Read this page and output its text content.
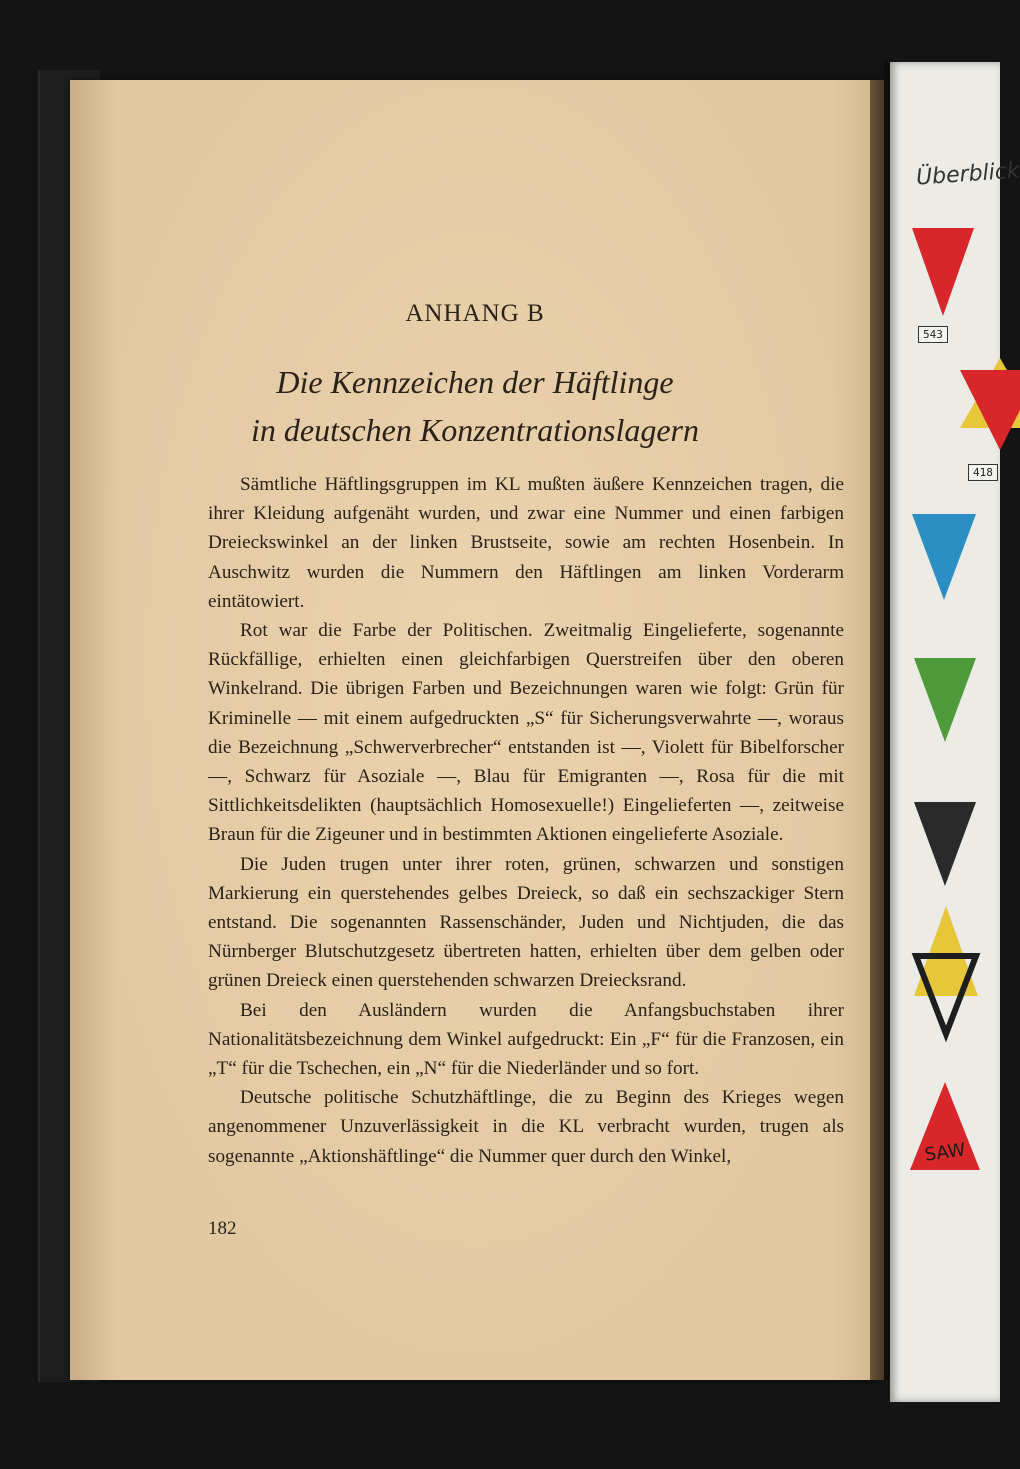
ANHANG B
Die Kennzeichen der Häftlinge
in deutschen Konzentrationslagern

Sämtliche Häftlingsgruppen im KL mußten äußere Kennzeichen tragen, die ihrer Kleidung aufgenäht wurden, und zwar eine Nummer und einen farbigen Dreieckswinkel an der linken Brustseite, sowie am rechten Hosenbein. In Auschwitz wurden die Nummern den Häftlingen am linken Vorderarm eintätowiert.

Rot war die Farbe der Politischen. Zweitmalig Eingelieferte, sogenannte Rückfällige, erhielten einen gleichfarbigen Querstreifen über den oberen Winkelrand. Die übrigen Farben und Bezeichnungen waren wie folgt: Grün für Kriminelle — mit einem aufgedruckten „S“ für Sicherungsverwahrte —, woraus die Bezeichnung „Schwerverbrecher“ entstanden ist —, Violett für Bibelforscher —, Schwarz für Asoziale —, Blau für Emigranten —, Rosa für die mit Sittlichkeitsdelikten (hauptsächlich Homosexuelle!) Eingelieferten —, zeitweise Braun für die Zigeuner und in bestimmten Aktionen eingelieferte Asoziale.

Die Juden trugen unter ihrer roten, grünen, schwarzen und sonstigen Markierung ein querstehendes gelbes Dreieck, so daß ein sechszackiger Stern entstand. Die sogenannten Rassenschänder, Juden und Nichtjuden, die das Nürnberger Blutschutzgesetz übertreten hatten, erhielten über dem gelben oder grünen Dreieck einen querstehenden schwarzen Dreiecksrand.

Bei den Ausländern wurden die Anfangsbuchstaben ihrer Nationalitätsbezeichnung dem Winkel aufgedruckt: Ein „F“ für die Franzosen, ein „T“ für die Tschechen, ein „N“ für die Niederländer und so fort.

Deutsche politische Schutzhäftlinge, die zu Beginn des Krieges wegen angenommener Unzuverlässigkeit in die KL verbracht wurden, trugen als sogenannte „Aktionshäftlinge“ die Nummer quer durch den Winkel,

182
Überblick
543
418
SAW
